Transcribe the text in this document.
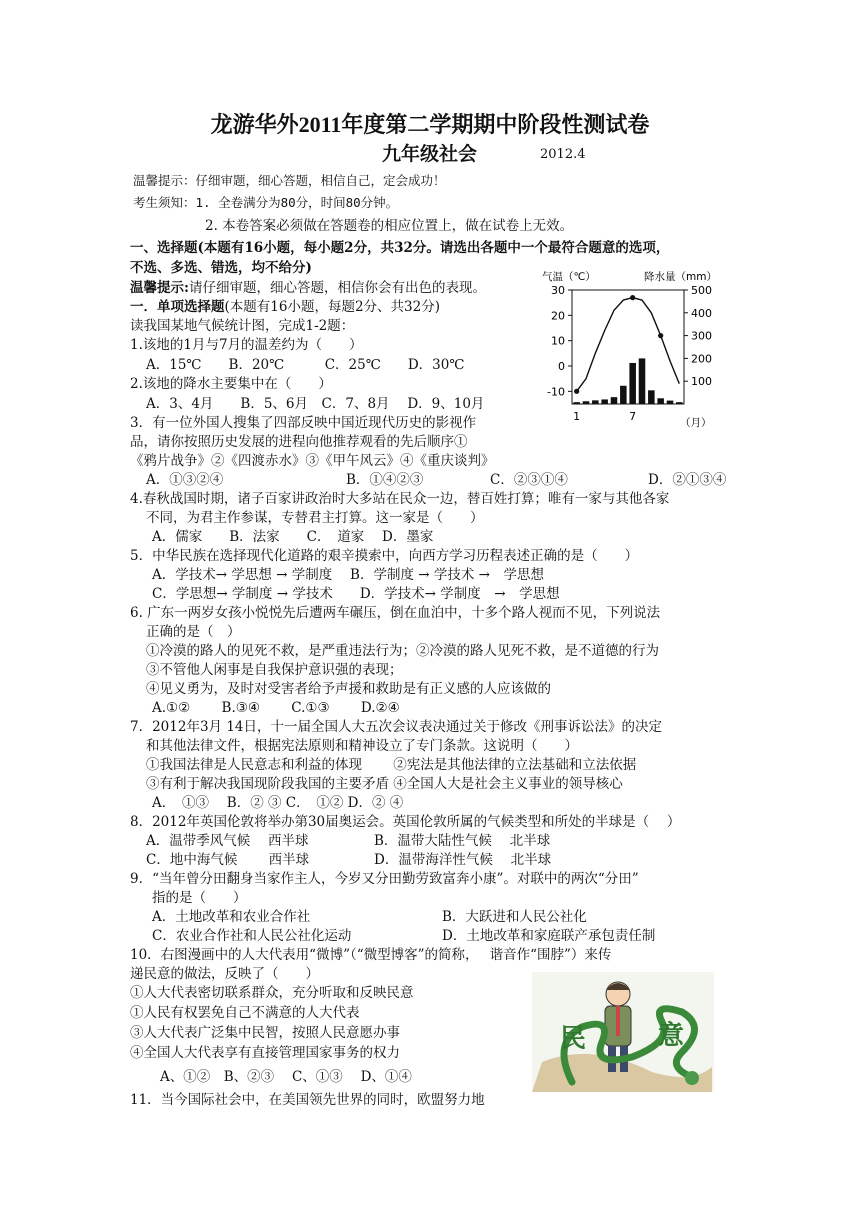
龙游华外2011年度第二学期期中阶段性测试卷
九年级社会	2012.4
温馨提示：仔细审题，细心答题，相信自己，定会成功！
考生须知：1. 全卷满分为80分，时间80分钟。
2. 本卷答案必须做在答题卷的相应位置上，做在试卷上无效。
一、选择题(本题有16小题，每小题2分，共32分。请选出各题中一个最符合题意的选项，
不选、多选、错选，均不给分)
温馨提示:请仔细审题，细心答题，相信你会有出色的表现。
一．单项选择题(本题有16小题，每题2分、共32分)
读我国某地气候统计图，完成1-2题：
1.该地的1月与7月的温差约为（　　）
A．15℃　　B．20℃　　　C．25℃　　D．30℃
2.该地的降水主要集中在（　　）
A．3、4月　　B．5、6月　C．7、8月　 D．9、10月
3．有一位外国人搜集了四部反映中国近现代历史的影视作
品，请你按照历史发展的进程向他推荐观看的先后顺序①
《鸦片战争》②《四渡赤水》③《甲午风云》④《重庆谈判》
A．①③②④	B．①④②③	C．②③①④	D．②①③④
4.春秋战国时期，诸子百家讲政治时大多站在民众一边，替百姓打算；唯有一家与其他各家
不同，为君主作参谋，专替君主打算。这一家是（　　）
A．儒家　　B．法家　　C．　道家　 D．墨家
5．中华民族在选择现代化道路的艰辛摸索中，向西方学习历程表述正确的是（　　）
A．学技术→ 学思想 → 学制度　 B．学制度 → 学技术 →　学思想
C．学思想→ 学制度 → 学技术　　D．学技术→ 学制度　→　学思想
6. 广东一两岁女孩小悦悦先后遭两车碾压，倒在血泊中，十多个路人视而不见，下列说法
正确的是（　）
①冷漠的路人的见死不救，是严重违法行为；②冷漠的路人见死不救，是不道德的行为
③不管他人闲事是自我保护意识强的表现；
④见义勇为，及时对受害者给予声援和救助是有正义感的人应该做的
A.①②　　 B.③④　　 C.①③　　 D.②④
7．2012年3月 14日，十一届全国人大五次会议表决通过关于修改《刑事诉讼法》的决定
和其他法律文件，根据宪法原则和精神设立了专门条款。这说明（　　）
①我国法律是人民意志和利益的体现　　 ②宪法是其他法律的立法基础和立法依据
③有利于解决我国现阶段我国的主要矛盾 ④全国人大是社会主义事业的领导核心
A．　①③　 B．② ③ C．　①② D．② ④
8．2012年英国伦敦将举办第30届奥运会。英国伦敦所属的气候类型和所处的半球是（　 ）
A．温带季风气候　 西半球	B．温带大陆性气候　 北半球
C．地中海气候　　 西半球	D．温带海洋性气候　 北半球
9．“当年曾分田翻身当家作主人，今岁又分田勤劳致富奔小康”。对联中的两次“分田”
指的是（　　）
A．土地改革和农业合作社	B．大跃进和人民公社化
C．农业合作社和人民公社化运动	D．土地改革和家庭联产承包责任制
10．右图漫画中的人大代表用“微博”（“微型博客”的简称，　 谐音作“围脖”）来传
递民意的做法，反映了（　　）
①人大代表密切联系群众，充分听取和反映民意
①人民有权罢免自己不满意的人大代表
③人大代表广泛集中民智，按照人民意愿办事
④全国人大代表享有直接管理国家事务的权力
A、①②　B、②③　 C、①③　 D、①④
11．当今国际社会中，在美国领先世界的同时，欧盟努力地
气温（℃）	降水量（mm）
30
20
10
0
-10
500
400
300
200
100
1	7	（月）
民	意
